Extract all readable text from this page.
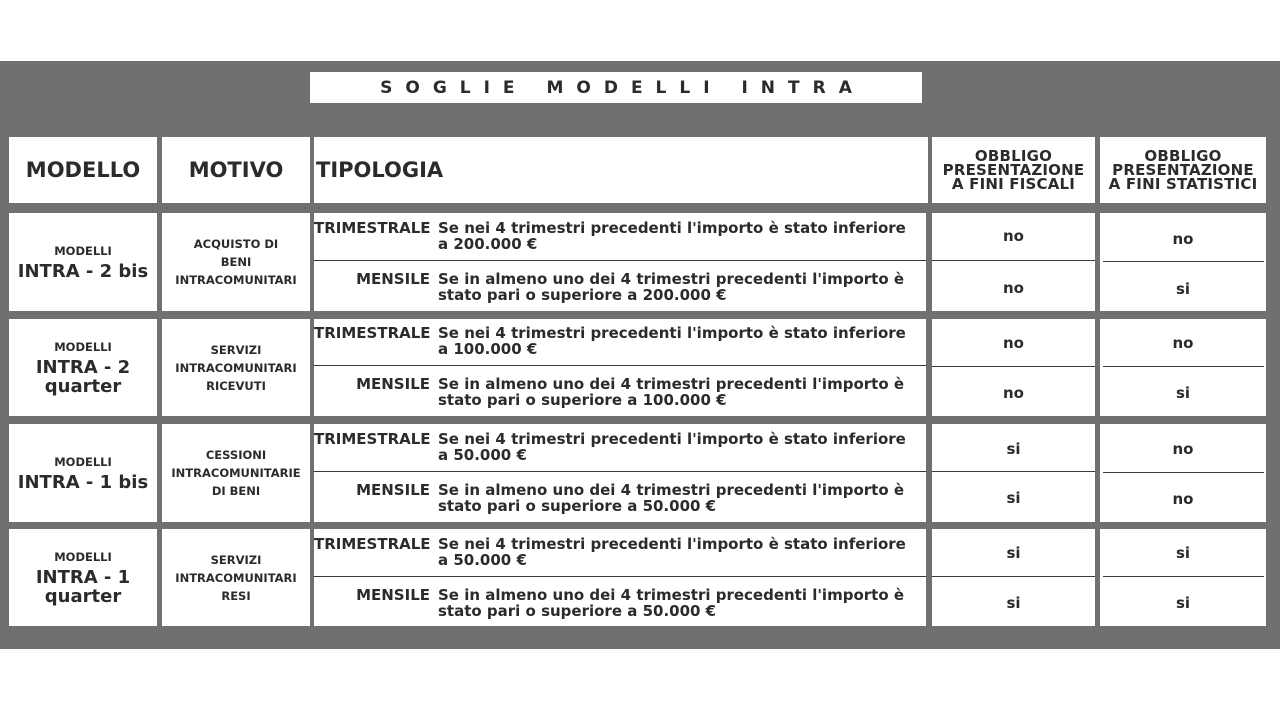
SOGLIE MODELLI INTRA
MODELLO MOTIVO TIPOLOGIA
OBBLIGO
PRESENTAZIONE
A FINI FISCALI
OBBLIGO
PRESENTAZIONE
A FINI STATISTICI
MODELLI
INTRA - 2 bis
ACQUISTO DI
BENI
INTRACOMUNITARI
TRIMESTRALE Se nei 4 trimestri precedenti l'importo è stato inferiore a 200.000 €
MENSILE Se in almeno uno dei 4 trimestri precedenti l'importo è stato pari o superiore a 200.000 €
no
no
no
si
MODELLI
INTRA - 2
quarter
SERVIZI
INTRACOMUNITARI
RICEVUTI
TRIMESTRALE Se nei 4 trimestri precedenti l'importo è stato inferiore a 100.000 €
MENSILE Se in almeno uno dei 4 trimestri precedenti l'importo è stato pari o superiore a 100.000 €
no
no
no
si
MODELLI
INTRA - 1 bis
CESSIONI
INTRACOMUNITARIE
DI BENI
TRIMESTRALE Se nei 4 trimestri precedenti l'importo è stato inferiore a 50.000 €
MENSILE Se in almeno uno dei 4 trimestri precedenti l'importo è stato pari o superiore a 50.000 €
si
si
no
no
MODELLI
INTRA - 1
quarter
SERVIZI
INTRACOMUNITARI
RESI
TRIMESTRALE Se nei 4 trimestri precedenti l'importo è stato inferiore a 50.000 €
MENSILE Se in almeno uno dei 4 trimestri precedenti l'importo è stato pari o superiore a 50.000 €
si
si
si
si
